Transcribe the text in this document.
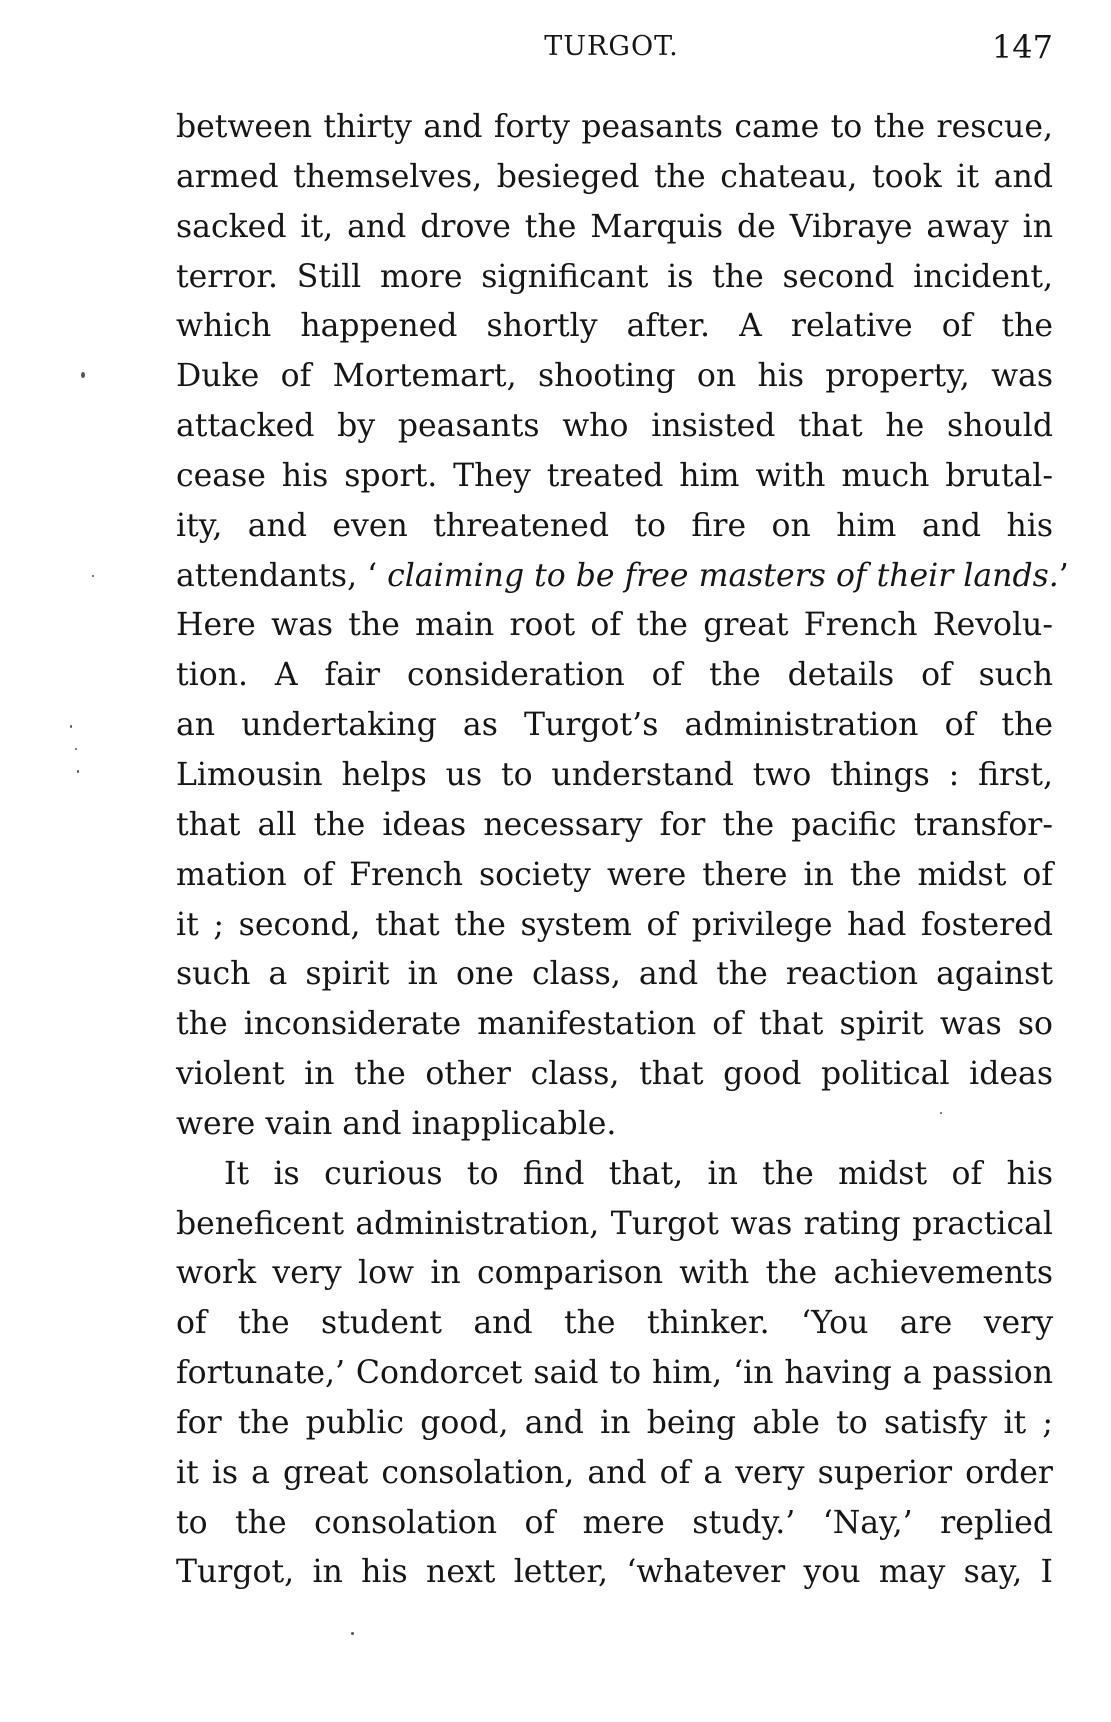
TURGOT.	147
between thirty and forty peasants came to the rescue,
armed themselves, besieged the chateau, took it and
sacked it, and drove the Marquis de Vibraye away in
terror. Still more significant is the second incident,
which happened shortly after. A relative of the
Duke of Mortemart, shooting on his property, was
attacked by peasants who insisted that he should
cease his sport. They treated him with much brutal-
ity, and even threatened to fire on him and his
attendants, ‘ claiming to be free masters of their lands.’
Here was the main root of the great French Revolu-
tion. A fair consideration of the details of such
an undertaking as Turgot’s administration of the
Limousin helps us to understand two things : first,
that all the ideas necessary for the pacific transfor-
mation of French society were there in the midst of
it ; second, that the system of privilege had fostered
such a spirit in one class, and the reaction against
the inconsiderate manifestation of that spirit was so
violent in the other class, that good political ideas
were vain and inapplicable.
It is curious to find that, in the midst of his
beneficent administration, Turgot was rating practical
work very low in comparison with the achievements
of the student and the thinker. ‘You are very
fortunate,’ Condorcet said to him, ‘in having a passion
for the public good, and in being able to satisfy it ;
it is a great consolation, and of a very superior order
to the consolation of mere study.’ ‘Nay,’ replied
Turgot, in his next letter, ‘whatever you may say, I
